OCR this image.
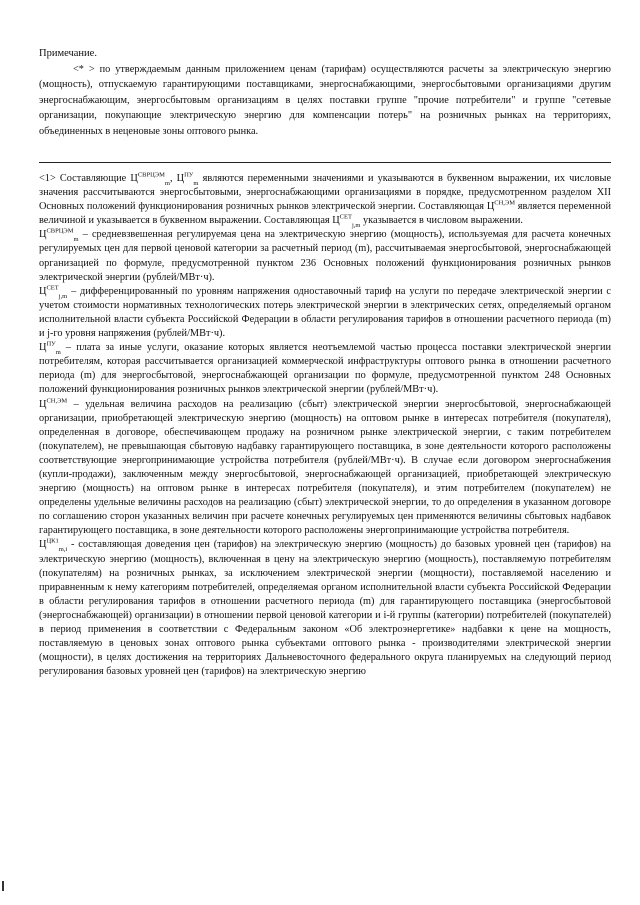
Примечание.

<* > по утверждаемым данным приложением ценам (тарифам) осуществляются расчеты за электрическую энергию (мощность), отпускаемую гарантирующими поставщиками, энергоснабжающими, энергосбытовыми организациями другим энергоснабжающим, энергосбытовым организациям в целях поставки группе "прочие потребители" и группе "сетевые организации, покупающие электрическую энергию для компенсации потерь" на розничных рынках на территориях, объединенных в неценовые зоны оптового рынка.

<1> Составляющие $Ц^{СВРЦЭМ}_m$, $Ц^{ПУ}_m$ являются переменными значениями и указываются в буквенном выражении, их числовые значения рассчитываются энергосбытовыми, энергоснабжающими организациями в порядке, предусмотренном разделом XII Основных положений функционирования розничных рынков электрической энергии. Составляющая $Ц^{СН,ЭМ}$ является переменной величиной и указывается в буквенном выражении. Составляющая $Ц^{СЕТ}_{j,m}$ указывается в числовом выражении.

$Ц^{СВРЦЭМ}_m$ – средневзвешенная регулируемая цена на электрическую энергию (мощность), используемая для расчета конечных регулируемых цен для первой ценовой категории за расчетный период (m), рассчитываемая энергосбытовой, энергоснабжающей организацией по формуле, предусмотренной пунктом 236 Основных положений функционирования розничных рынков электрической энергии (рублей/МВт·ч).

$Ц^{СЕТ}_{j,m}$ – дифференцированный по уровням напряжения одноставочный тариф на услуги по передаче электрической энергии с учетом стоимости нормативных технологических потерь электрической энергии в электрических сетях, определяемый органом исполнительной власти субъекта Российской Федерации в области регулирования тарифов в отношении расчетного периода (m) и j-го уровня напряжения (рублей/МВт·ч).

$Ц^{ПУ}_m$ – плата за иные услуги, оказание которых является неотъемлемой частью процесса поставки электрической энергии потребителям, которая рассчитывается организацией коммерческой инфраструктуры оптового рынка в отношении расчетного периода (m) для энергосбытовой, энергоснабжающей организации по формуле, предусмотренной пунктом 248 Основных положений функционирования розничных рынков электрической энергии (рублей/МВт·ч).

$Ц^{СН,ЭМ}$ – удельная величина расходов на реализацию (сбыт) электрической энергии энергосбытовой, энергоснабжающей организации, приобретающей электрическую энергию (мощность) на оптовом рынке в интересах потребителя (покупателя), определенная в договоре, обеспечивающем продажу на розничном рынке электрической энергии, с таким потребителем (покупателем), не превышающая сбытовую надбавку гарантирующего поставщика, в зоне деятельности которого расположены соответствующие энергопринимающие устройства потребителя (рублей/МВт·ч). В случае если договором энергоснабжения (купли-продажи), заключенным между энергосбытовой, энергоснабжающей организацией, приобретающей электрическую энергию (мощность) на оптовом рынке в интересах потребителя (покупателя), и этим потребителем (покупателем) не определены удельные величины расходов на реализацию (сбыт) электрической энергии, то до определения в указанном договоре по соглашению сторон указанных величин при расчете конечных регулируемых цен применяются величины сбытовых надбавок гарантирующего поставщика, в зоне деятельности которого расположены энергопринимающие устройства потребителя.

$Ц^{ЦК1}_{m,i}$ - составляющая доведения цен (тарифов) на электрическую энергию (мощность) до базовых уровней цен (тарифов) на электрическую энергию (мощность), включенная в цену на электрическую энергию (мощность), поставляемую потребителям (покупателям) на розничных рынках, за исключением электрической энергии (мощности), поставляемой населению и приравненным к нему категориям потребителей, определяемая органом исполнительной власти субъекта Российской Федерации в области регулирования тарифов в отношении расчетного периода (m) для гарантирующего поставщика (энергосбытовой (энергоснабжающей) организации) в отношении первой ценовой категории и i-й группы (категории) потребителей (покупателей) в период применения в соответствии с Федеральным законом «Об электроэнергетике» надбавки к цене на мощность, поставляемую в ценовых зонах оптового рынка субъектами оптового рынка - производителями электрической энергии (мощности), в целях достижения на территориях Дальневосточного федерального округа планируемых на следующий период регулирования базовых уровней цен (тарифов) на электрическую энергию
